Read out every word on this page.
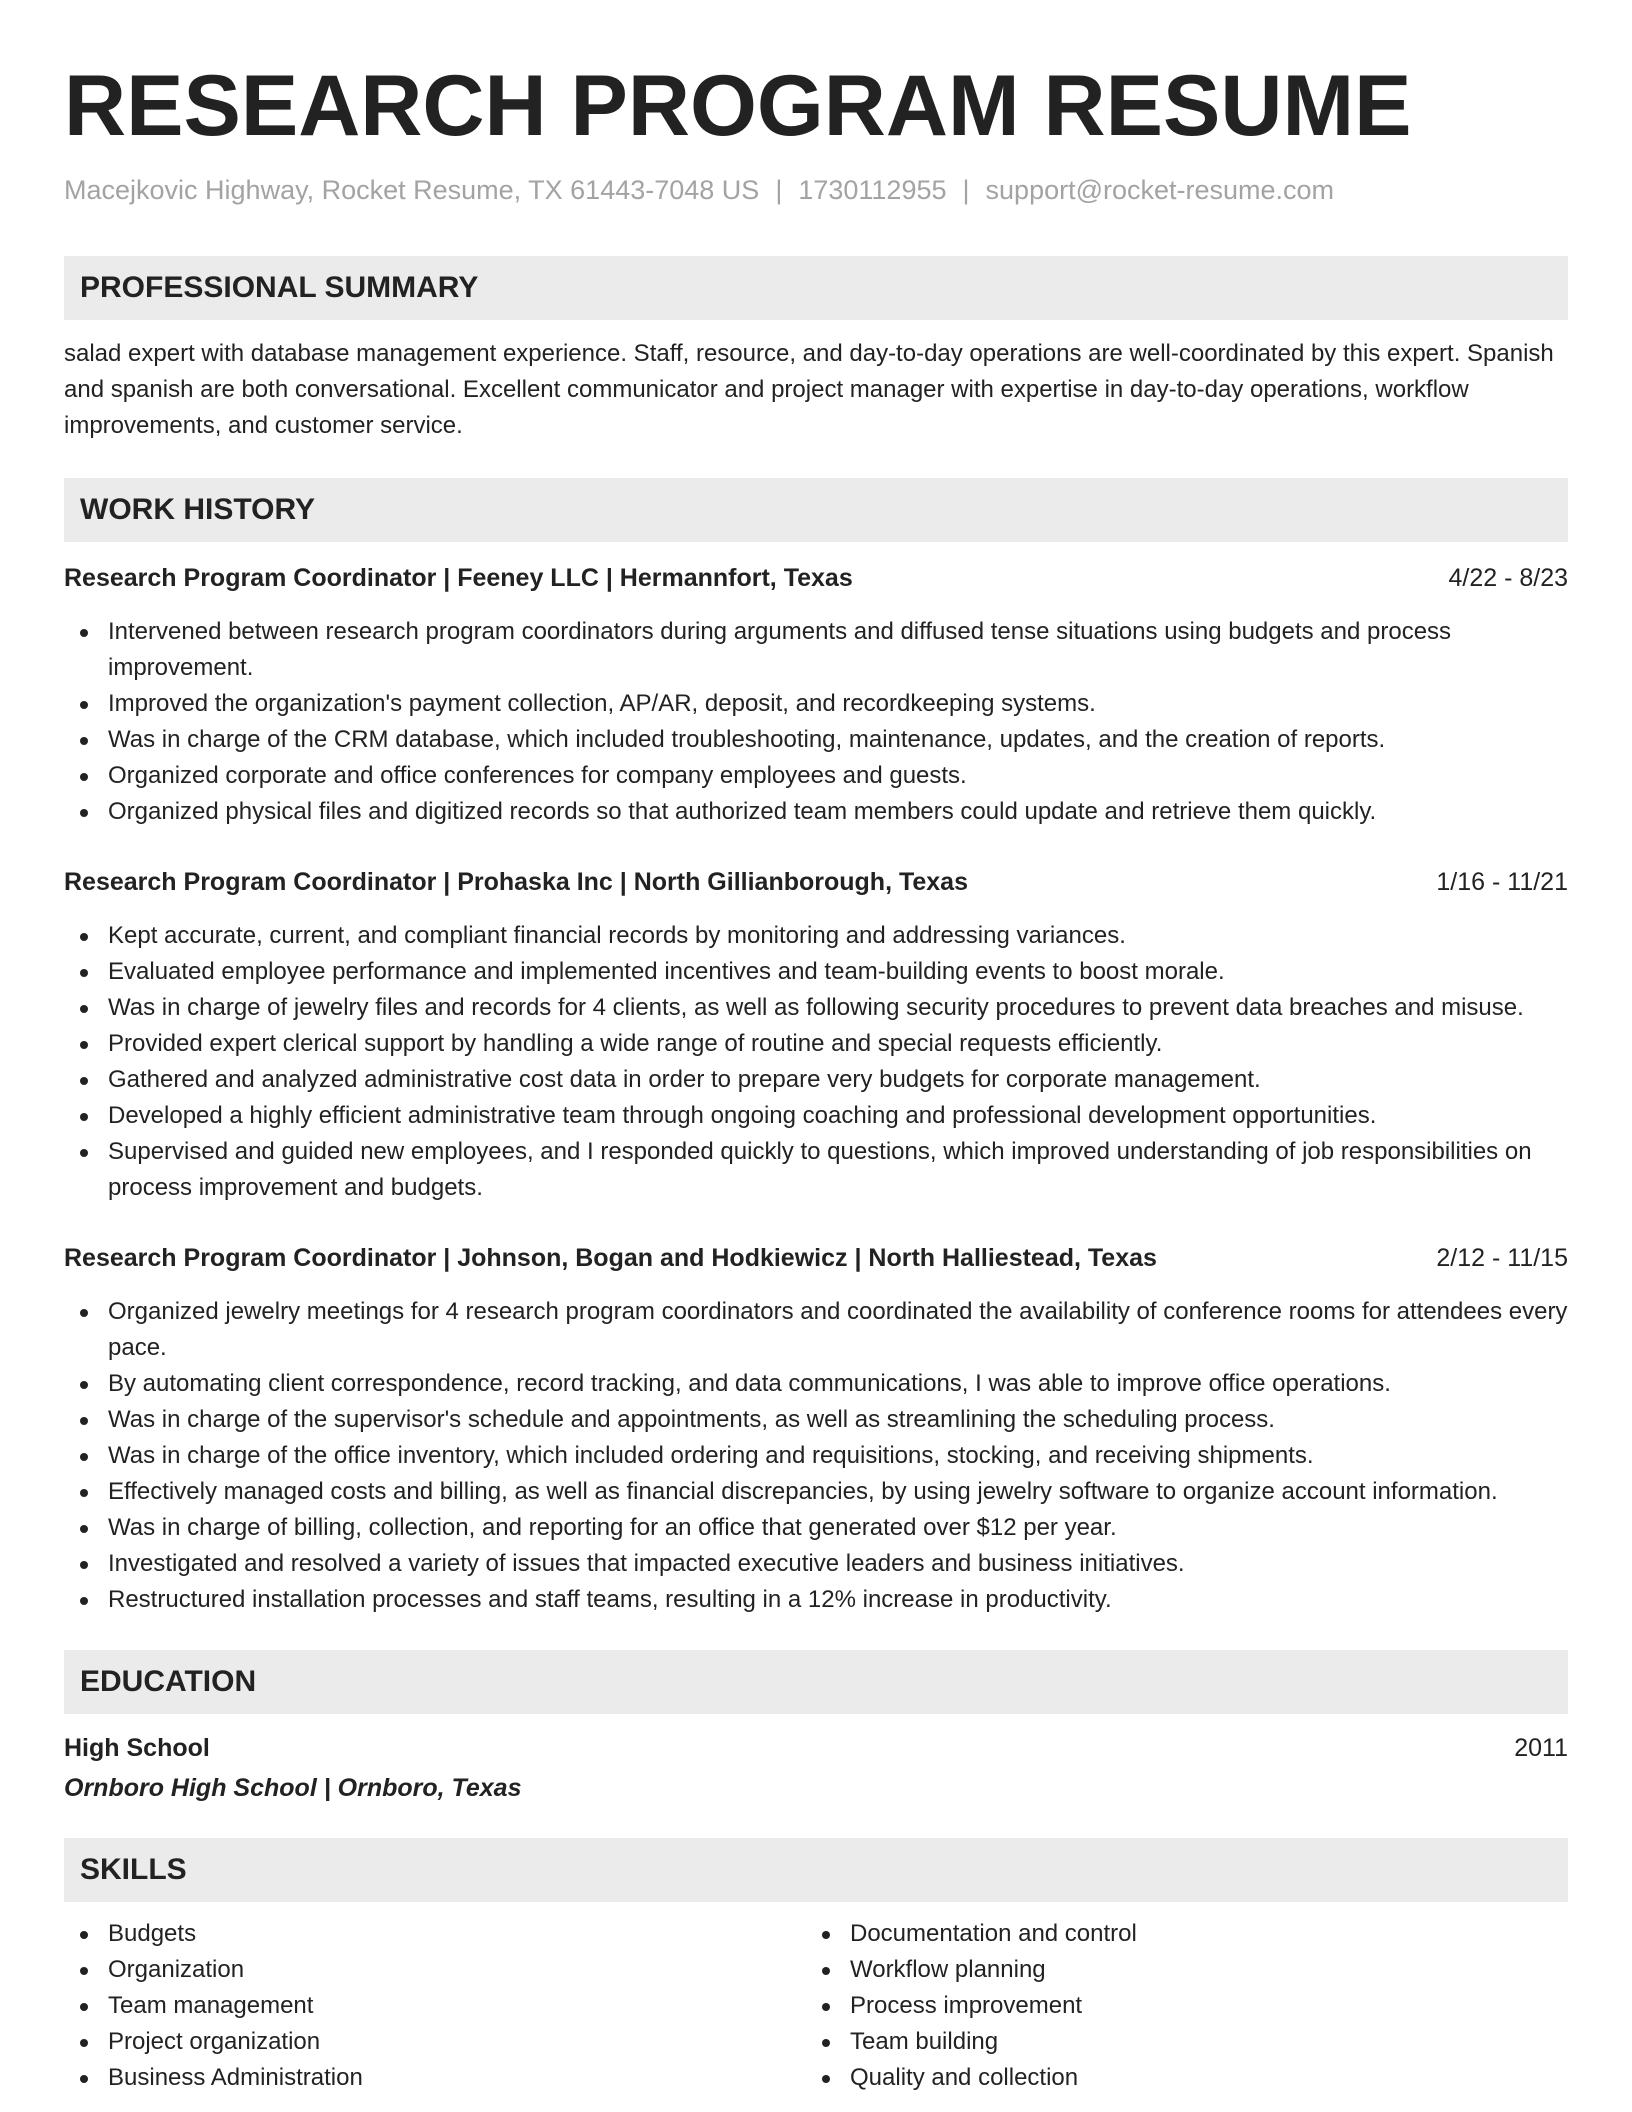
RESEARCH PROGRAM RESUME
Macejkovic Highway, Rocket Resume, TX 61443-7048 US | 1730112955 | support@rocket-resume.com
PROFESSIONAL SUMMARY

salad expert with database management experience. Staff, resource, and day-to-day operations are well-coordinated by this expert. Spanish and spanish are both conversational. Excellent communicator and project manager with expertise in day-to-day operations, workflow improvements, and customer service.

WORK HISTORY
Research Program Coordinator | Feeney LLC | Hermannfort, Texas	4/22 - 8/23
Intervened between research program coordinators during arguments and diffused tense situations using budgets and process improvement.
Improved the organization's payment collection, AP/AR, deposit, and recordkeeping systems.
Was in charge of the CRM database, which included troubleshooting, maintenance, updates, and the creation of reports.
Organized corporate and office conferences for company employees and guests.
Organized physical files and digitized records so that authorized team members could update and retrieve them quickly.
Research Program Coordinator | Prohaska Inc | North Gillianborough, Texas	1/16 - 11/21
Kept accurate, current, and compliant financial records by monitoring and addressing variances.
Evaluated employee performance and implemented incentives and team-building events to boost morale.
Was in charge of jewelry files and records for 4 clients, as well as following security procedures to prevent data breaches and misuse.
Provided expert clerical support by handling a wide range of routine and special requests efficiently.
Gathered and analyzed administrative cost data in order to prepare very budgets for corporate management.
Developed a highly efficient administrative team through ongoing coaching and professional development opportunities.
Supervised and guided new employees, and I responded quickly to questions, which improved understanding of job responsibilities on process improvement and budgets.
Research Program Coordinator | Johnson, Bogan and Hodkiewicz | North Halliestead, Texas	2/12 - 11/15
Organized jewelry meetings for 4 research program coordinators and coordinated the availability of conference rooms for attendees every pace.
By automating client correspondence, record tracking, and data communications, I was able to improve office operations.
Was in charge of the supervisor's schedule and appointments, as well as streamlining the scheduling process.
Was in charge of the office inventory, which included ordering and requisitions, stocking, and receiving shipments.
Effectively managed costs and billing, as well as financial discrepancies, by using jewelry software to organize account information.
Was in charge of billing, collection, and reporting for an office that generated over $12 per year.
Investigated and resolved a variety of issues that impacted executive leaders and business initiatives.
Restructured installation processes and staff teams, resulting in a 12% increase in productivity.
EDUCATION
High School	2011
Ornboro High School | Ornboro, Texas
SKILLS
Budgets
Organization
Team management
Project organization
Business Administration
Documentation and control
Workflow planning
Process improvement
Team building
Quality and collection
